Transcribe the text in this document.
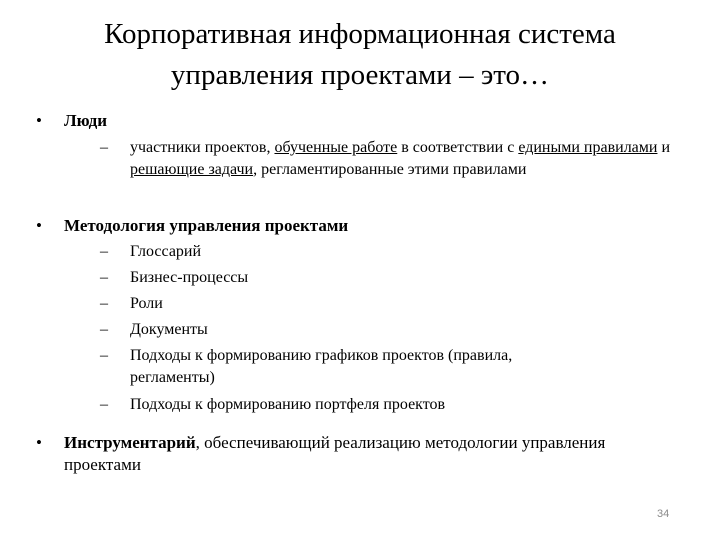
Корпоративная информационная система
управления проектами – это…
• Люди
– участники проектов, обученные работе в соответствии с едиными правилами и решающие задачи, регламентированные этими правилами
• Методология управления проектами
– Глоссарий
– Бизнес-процессы
– Роли
– Документы
– Подходы к формированию графиков проектов (правила, регламенты)
– Подходы к формированию портфеля проектов
• Инструментарий, обеспечивающий реализацию методологии управления проектами
34
